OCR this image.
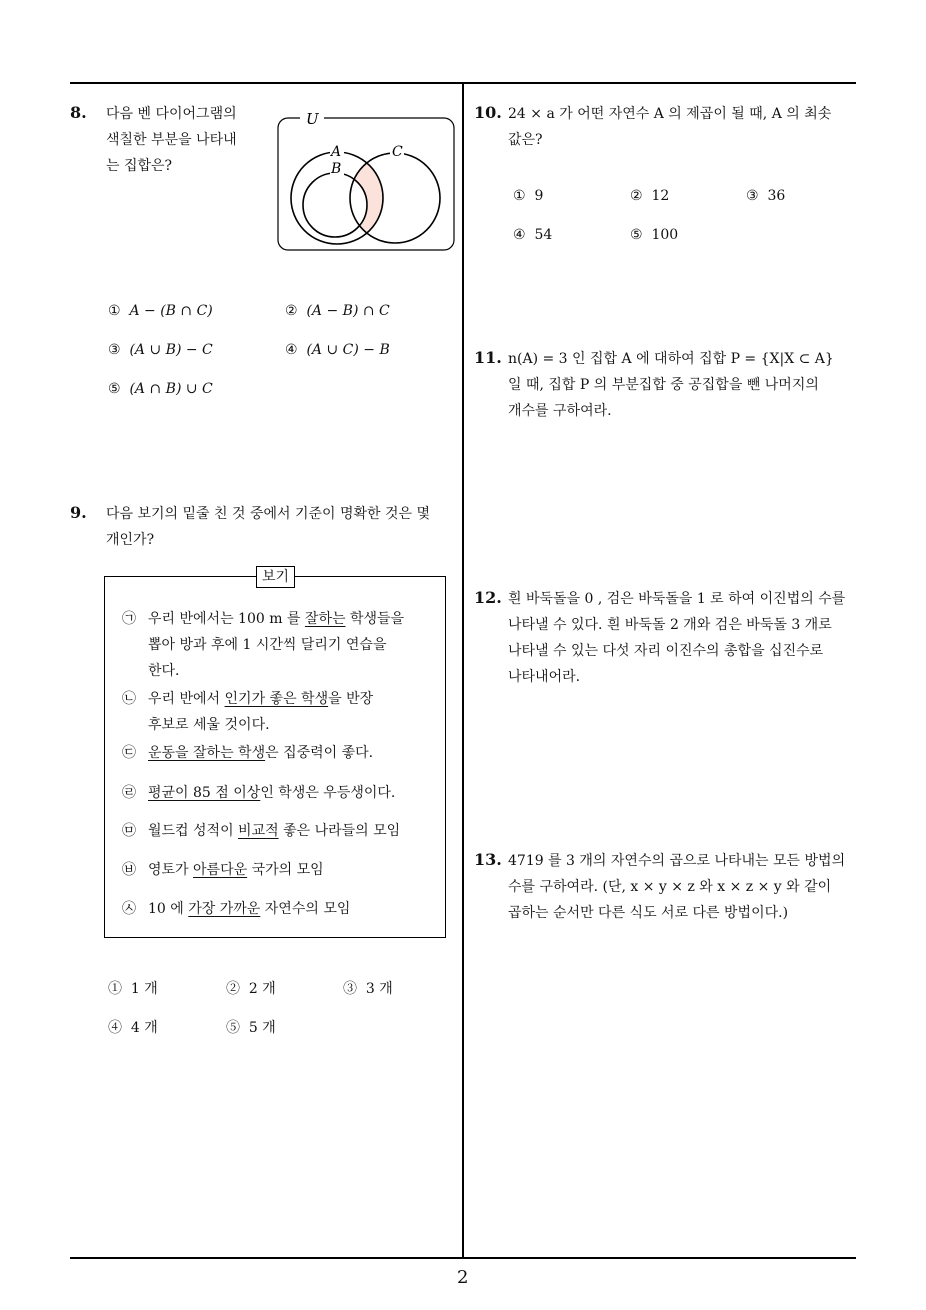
8. 다음 벤 다이어그램의
색칠한 부분을 나타내
는 집합은?
U
A
B
C
① A − (B ∩ C)	② (A − B) ∩ C
③ (A ∪ B) − C	④ (A ∪ C) − B
⑤ (A ∩ B) ∪ C
9. 다음 보기의 밑줄 친 것 중에서 기준이 명확한 것은 몇
개인가?
보기
㉠ 우리 반에서는 100 m 를 잘하는 학생들을
뽑아 방과 후에 1 시간씩 달리기 연습을
한다.
㉡ 우리 반에서 인기가 좋은 학생을 반장
후보로 세울 것이다.
㉢ 운동을 잘하는 학생은 집중력이 좋다.
㉣ 평균이 85 점 이상인 학생은 우등생이다.
㉤ 월드컵 성적이 비교적 좋은 나라들의 모임
㉥ 영토가 아름다운 국가의 모임
㉦ 10 에 가장 가까운 자연수의 모임
① 1 개	② 2 개	③ 3 개
④ 4 개	⑤ 5 개
10. 24 × a 가 어떤 자연수 A 의 제곱이 될 때, A 의 최솟
값은?
① 9	② 12	③ 36
④ 54	⑤ 100
11. n(A) = 3 인 집합 A 에 대하여 집합 P = {X|X ⊂ A}
일 때, 집합 P 의 부분집합 중 공집합을 뺀 나머지의
개수를 구하여라.
12. 흰 바둑돌을 0 , 검은 바둑돌을 1 로 하여 이진법의 수를
나타낼 수 있다. 흰 바둑돌 2 개와 검은 바둑돌 3 개로
나타낼 수 있는 다섯 자리 이진수의 총합을 십진수로
나타내어라.
13. 4719 를 3 개의 자연수의 곱으로 나타내는 모든 방법의
수를 구하여라. (단, x × y × z 와 x × z × y 와 같이
곱하는 순서만 다른 식도 서로 다른 방법이다.)
2
